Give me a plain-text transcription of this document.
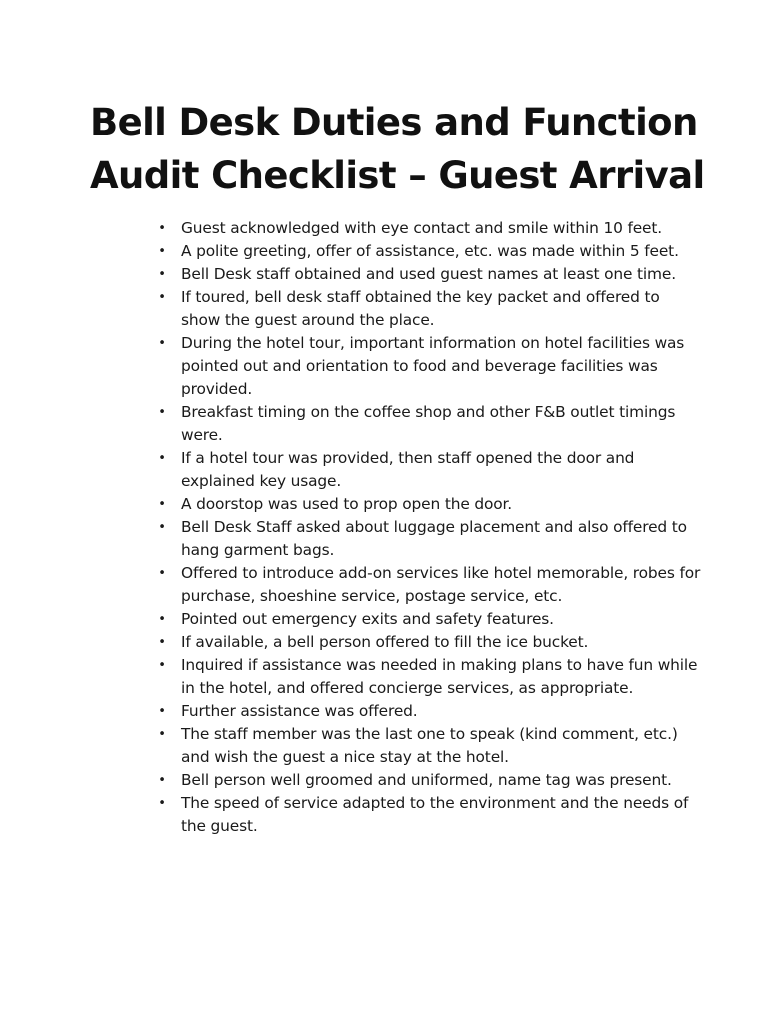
Bell Desk Duties and Function
Audit Checklist – Guest Arrival
• Guest acknowledged with eye contact and smile within 10 feet.
• A polite greeting, offer of assistance, etc. was made within 5 feet.
• Bell Desk staff obtained and used guest names at least one time.
• If toured, bell desk staff obtained the key packet and offered to show the guest around the place.
• During the hotel tour, important information on hotel facilities was pointed out and orientation to food and beverage facilities was provided.
• Breakfast timing on the coffee shop and other F&B outlet timings were.
• If a hotel tour was provided, then staff opened the door and explained key usage.
• A doorstop was used to prop open the door.
• Bell Desk Staff asked about luggage placement and also offered to hang garment bags.
• Offered to introduce add-on services like hotel memorable, robes for purchase, shoeshine service, postage service, etc.
• Pointed out emergency exits and safety features.
• If available, a bell person offered to fill the ice bucket.
• Inquired if assistance was needed in making plans to have fun while in the hotel, and offered concierge services, as appropriate.
• Further assistance was offered.
• The staff member was the last one to speak (kind comment, etc.) and wish the guest a nice stay at the hotel.
• Bell person well groomed and uniformed, name tag was present.
• The speed of service adapted to the environment and the needs of the guest.
